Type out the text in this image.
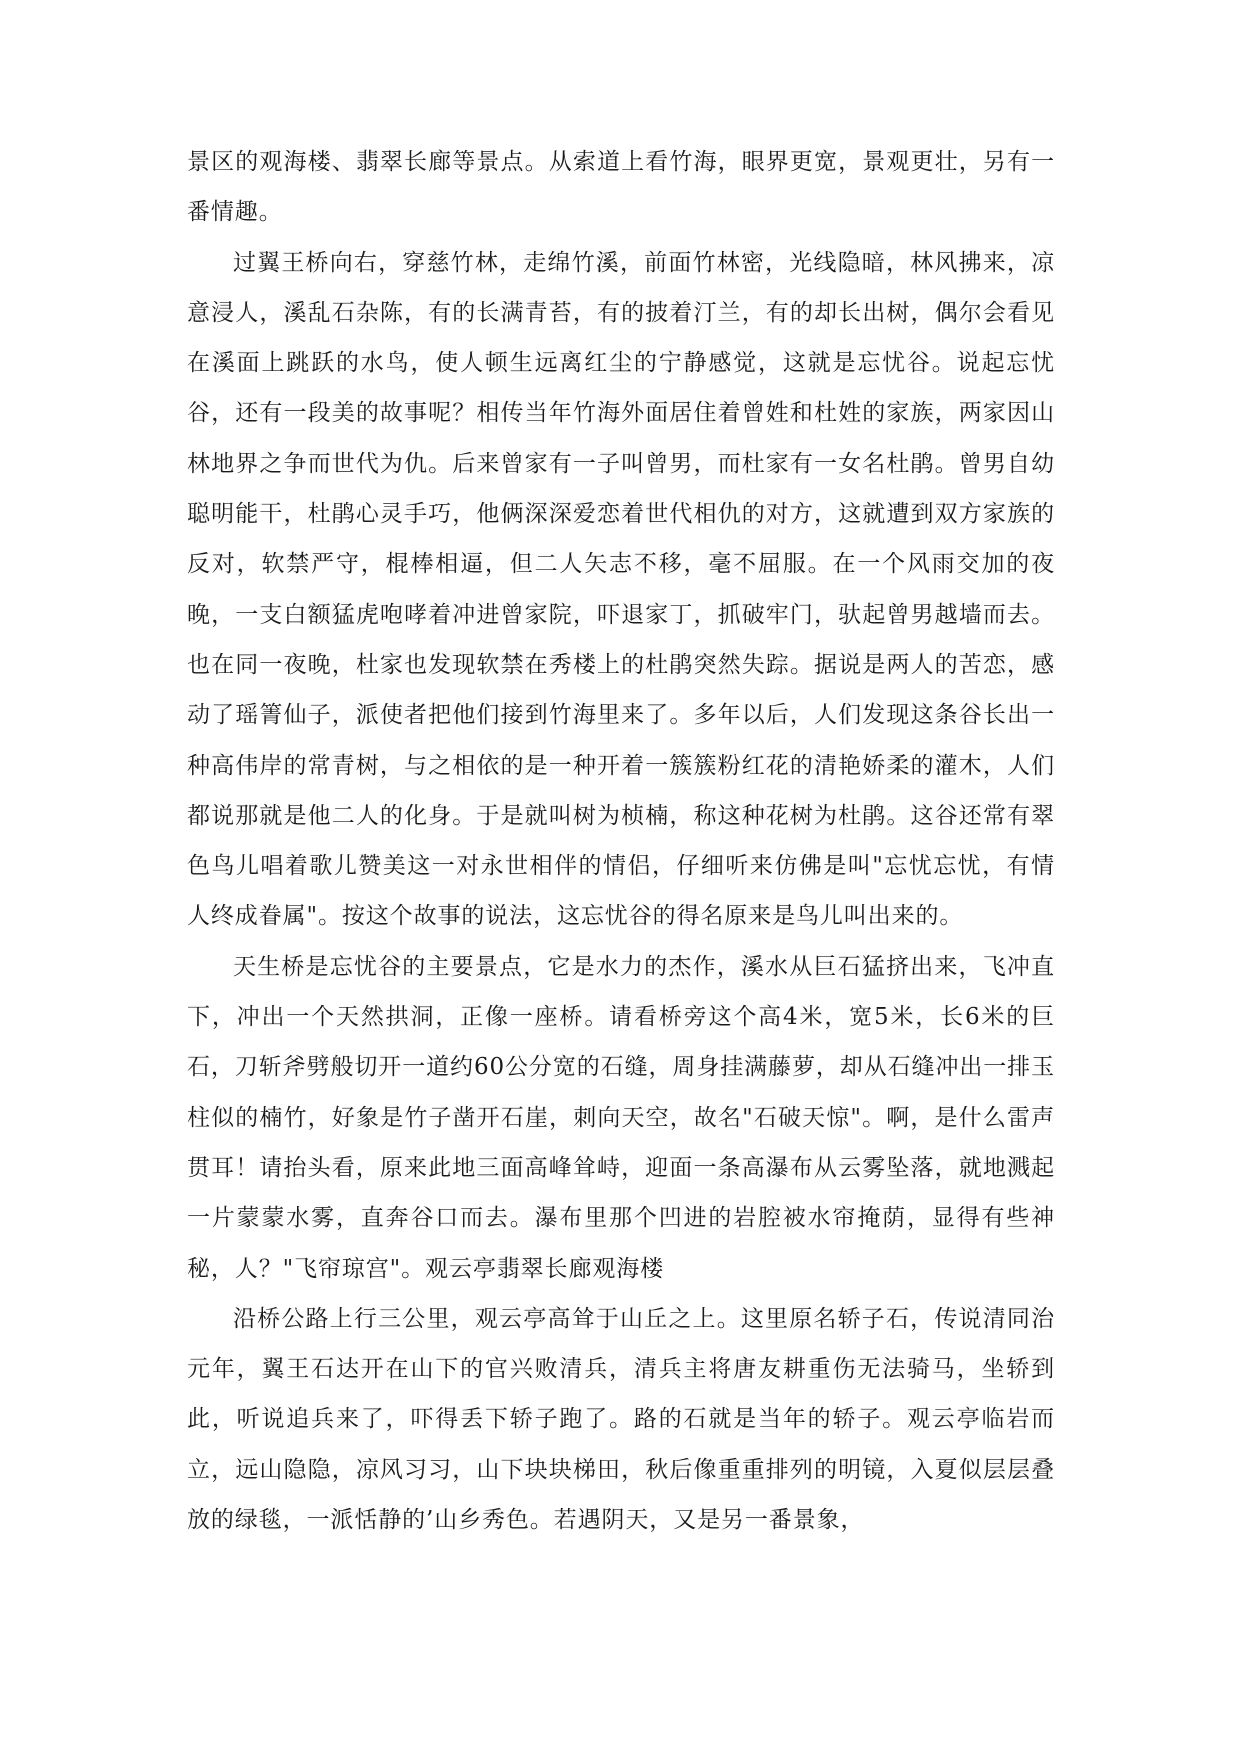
景区的观海楼、翡翠长廊等景点。从索道上看竹海，眼界更宽，景观更壮，另有一番情趣。

过翼王桥向右，穿慈竹林，走绵竹溪，前面竹林密，光线隐暗，林风拂来，凉意浸人，溪乱石杂陈，有的长满青苔，有的披着汀兰，有的却长出树，偶尔会看见在溪面上跳跃的水鸟，使人顿生远离红尘的宁静感觉，这就是忘忧谷。说起忘忧谷，还有一段美的故事呢？相传当年竹海外面居住着曾姓和杜姓的家族，两家因山林地界之争而世代为仇。后来曾家有一子叫曾男，而杜家有一女名杜鹃。曾男自幼聪明能干，杜鹃心灵手巧，他俩深深爱恋着世代相仇的对方，这就遭到双方家族的反对，软禁严守，棍棒相逼，但二人矢志不移，毫不屈服。在一个风雨交加的夜晚，一支白额猛虎咆哮着冲进曾家院，吓退家丁，抓破牢门，驮起曾男越墙而去。也在同一夜晚，杜家也发现软禁在秀楼上的杜鹃突然失踪。据说是两人的苦恋，感动了瑶箐仙子，派使者把他们接到竹海里来了。多年以后，人们发现这条谷长出一种高伟岸的常青树，与之相依的是一种开着一簇簇粉红花的清艳娇柔的灌木，人们都说那就是他二人的化身。于是就叫树为桢楠，称这种花树为杜鹃。这谷还常有翠色鸟儿唱着歌儿赞美这一对永世相伴的情侣，仔细听来仿佛是叫"忘忧忘忧，有情人终成眷属"。按这个故事的说法，这忘忧谷的得名原来是鸟儿叫出来的。

天生桥是忘忧谷的主要景点，它是水力的杰作，溪水从巨石猛挤出来，飞冲直下，冲出一个天然拱洞，正像一座桥。请看桥旁这个高4米，宽5米，长6米的巨石，刀斩斧劈般切开一道约60公分宽的石缝，周身挂满藤萝，却从石缝冲出一排玉柱似的楠竹，好象是竹子凿开石崖，刺向天空，故名"石破天惊"。啊，是什么雷声贯耳！请抬头看，原来此地三面高峰耸峙，迎面一条高瀑布从云雾坠落，就地溅起一片蒙蒙水雾，直奔谷口而去。瀑布里那个凹进的岩腔被水帘掩荫，显得有些神秘，人？"飞帘琼宫"。观云亭翡翠长廊观海楼

沿桥公路上行三公里，观云亭高耸于山丘之上。这里原名轿子石，传说清同治元年，翼王石达开在山下的官兴败清兵，清兵主将唐友耕重伤无法骑马，坐轿到此，听说追兵来了，吓得丢下轿子跑了。路的石就是当年的轿子。观云亭临岩而立，远山隐隐，凉风习习，山下块块梯田，秋后像重重排列的明镜，入夏似层层叠放的绿毯，一派恬静的’山乡秀色。若遇阴天，又是另一番景象，
